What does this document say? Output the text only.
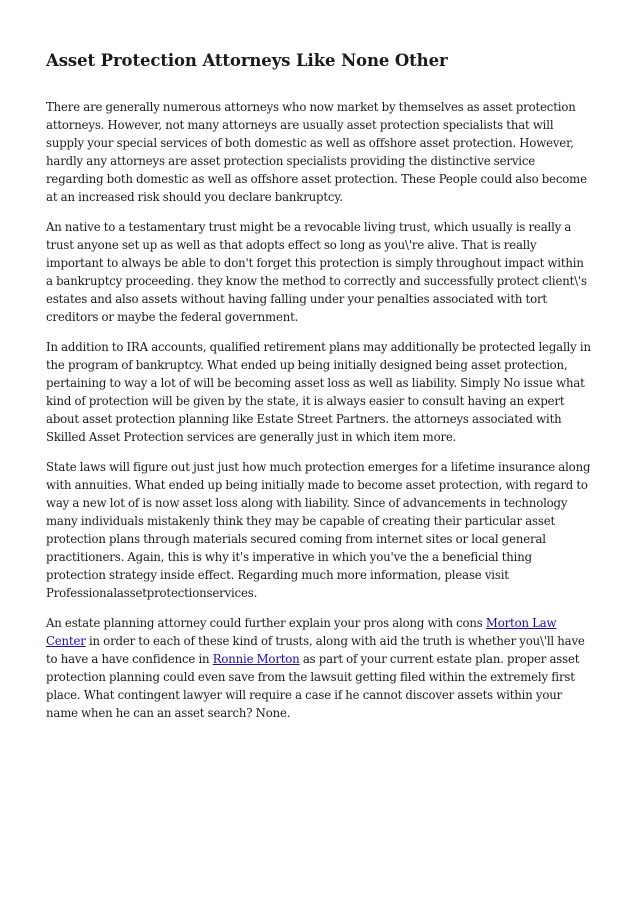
Asset Protection Attorneys Like None Other

There are generally numerous attorneys who now market by themselves as asset protection attorneys. However, not many attorneys are usually asset protection specialists that will supply your special services of both domestic as well as offshore asset protection. However, hardly any attorneys are asset protection specialists providing the distinctive service regarding both domestic as well as offshore asset protection. These People could also become at an increased risk should you declare bankruptcy.

An native to a testamentary trust might be a revocable living trust, which usually is really a trust anyone set up as well as that adopts effect so long as you\'re alive. That is really important to always be able to don't forget this protection is simply throughout impact within a bankruptcy proceeding. they know the method to correctly and successfully protect client\'s estates and also assets without having falling under your penalties associated with tort creditors or maybe the federal government.

In addition to IRA accounts, qualified retirement plans may additionally be protected legally in the program of bankruptcy. What ended up being initially designed being asset protection, pertaining to way a lot of will be becoming asset loss as well as liability. Simply No issue what kind of protection will be given by the state, it is always easier to consult having an expert about asset protection planning like Estate Street Partners. the attorneys associated with Skilled Asset Protection services are generally just in which item more.

State laws will figure out just just how much protection emerges for a lifetime insurance along with annuities. What ended up being initially made to become asset protection, with regard to way a new lot of is now asset loss along with liability. Since of advancements in technology many individuals mistakenly think they may be capable of creating their particular asset protection plans through materials secured coming from internet sites or local general practitioners. Again, this is why it's imperative in which you've the a beneficial thing protection strategy inside effect. Regarding much more information, please visit Professionalassetprotectionservices.

An estate planning attorney could further explain your pros along with cons Morton Law Center in order to each of these kind of trusts, along with aid the truth is whether you\'ll have to have a have confidence in Ronnie Morton as part of your current estate plan. proper asset protection planning could even save from the lawsuit getting filed within the extremely first place. What contingent lawyer will require a case if he cannot discover assets within your name when he can an asset search? None.
